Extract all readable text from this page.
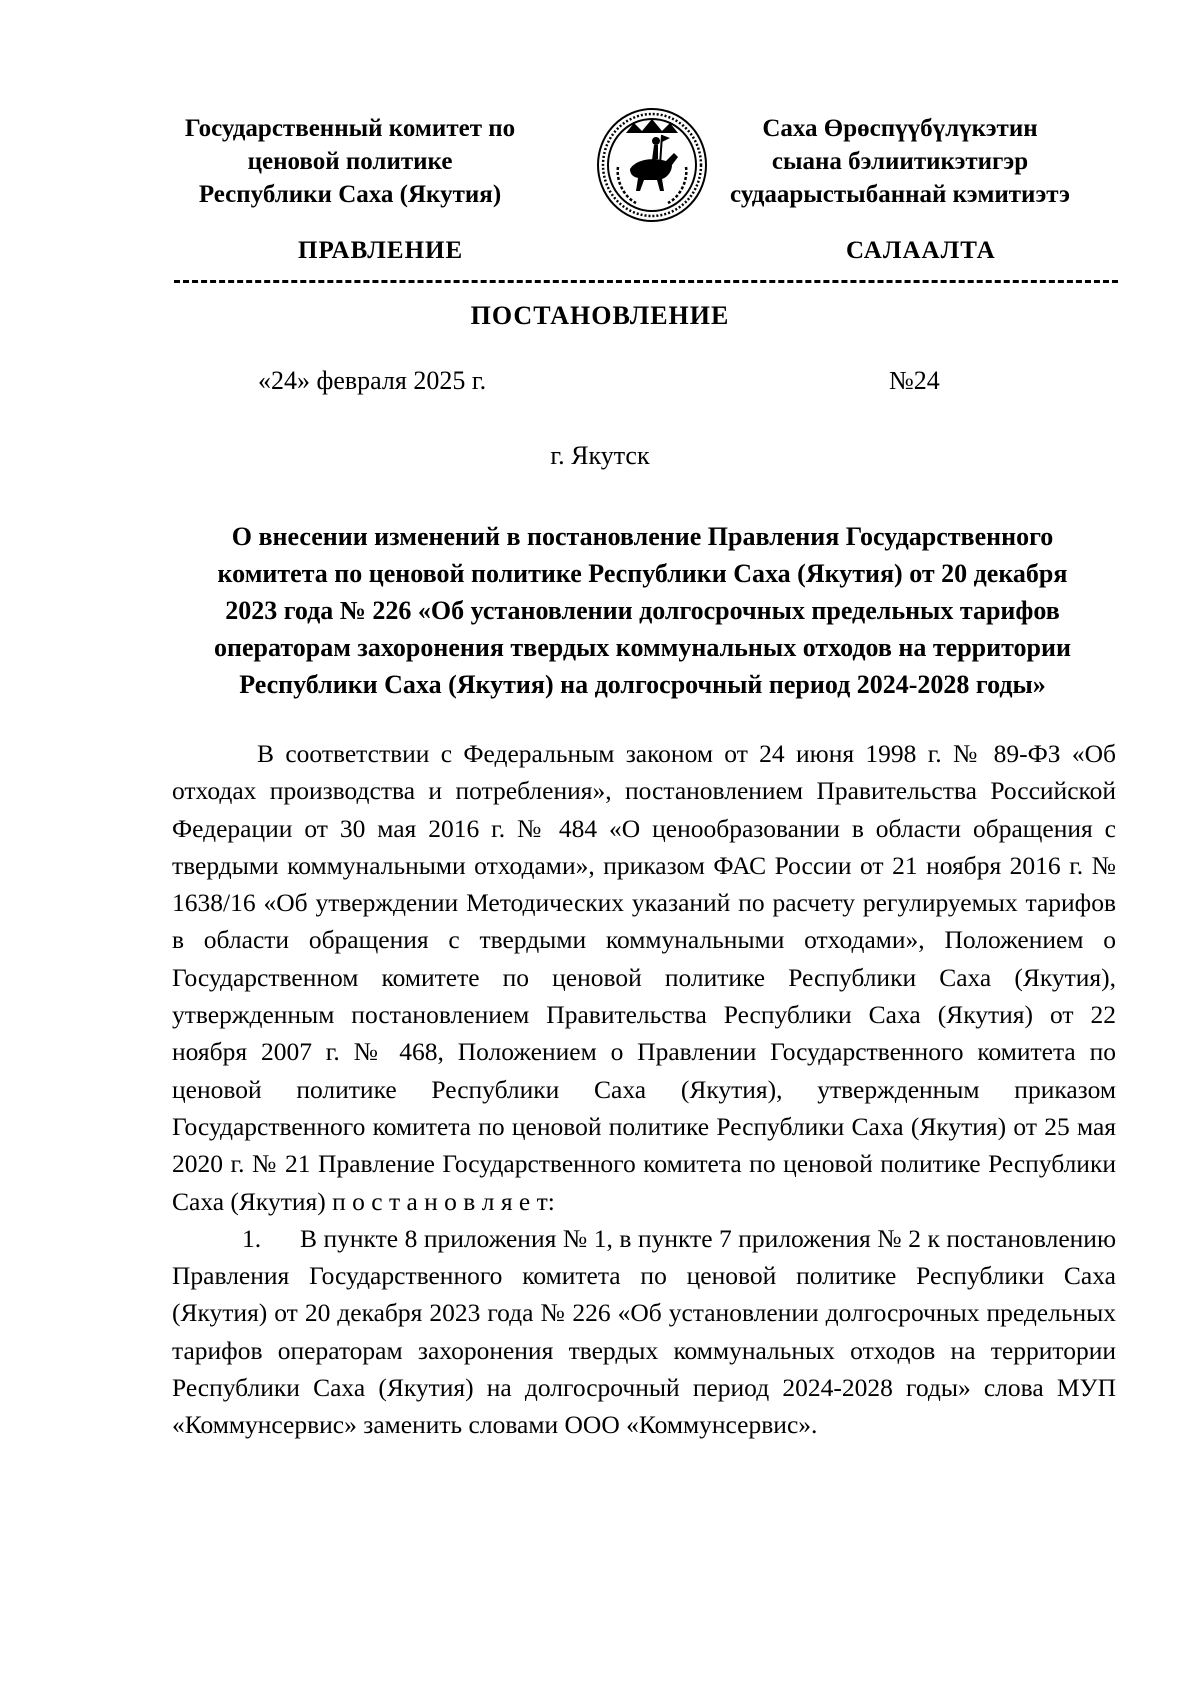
Государственный комитет по
ценовой политике
Республики Саха (Якутия)
Саха Өрөспүүбүлүкэтин
сыана бэлиитикэтигэр
судаарыстыбаннай кэмитиэтэ
ПРАВЛЕНИЕ	САЛААЛТА
ПОСТАНОВЛЕНИЕ
«24» февраля 2025 г.	№24
г. Якутск
О внесении изменений в постановление Правления Государственного
комитета по ценовой политике Республики Саха (Якутия) от 20 декабря
2023 года № 226 «Об установлении долгосрочных предельных тарифов
операторам захоронения твердых коммунальных отходов на территории
Республики Саха (Якутия) на долгосрочный период 2024-2028 годы»

В соответствии с Федеральным законом от 24 июня 1998 г. № 89-ФЗ «Об отходах производства и потребления», постановлением Правительства Российской Федерации от 30 мая 2016 г. № 484 «О ценообразовании в области обращения с твердыми коммунальными отходами», приказом ФАС России от 21 ноября 2016 г. № 1638/16 «Об утверждении Методических указаний по расчету регулируемых тарифов в области обращения с твердыми коммунальными отходами», Положением о Государственном комитете по ценовой политике Республики Саха (Якутия), утвержденным постановлением Правительства Республики Саха (Якутия) от 22 ноября 2007 г. № 468, Положением о Правлении Государственного комитета по ценовой политике Республики Саха (Якутия), утвержденным приказом Государственного комитета по ценовой политике Республики Саха (Якутия) от 25 мая 2020 г. № 21 Правление Государственного комитета по ценовой политике Республики Саха (Якутия) п о с т а н о в л я е т:

1. В пункте 8 приложения № 1, в пункте 7 приложения № 2 к постановлению Правления Государственного комитета по ценовой политике Республики Саха (Якутия) от 20 декабря 2023 года № 226 «Об установлении долгосрочных предельных тарифов операторам захоронения твердых коммунальных отходов на территории Республики Саха (Якутия) на долгосрочный период 2024-2028 годы» слова МУП «Коммунсервис» заменить словами ООО «Коммунсервис».
